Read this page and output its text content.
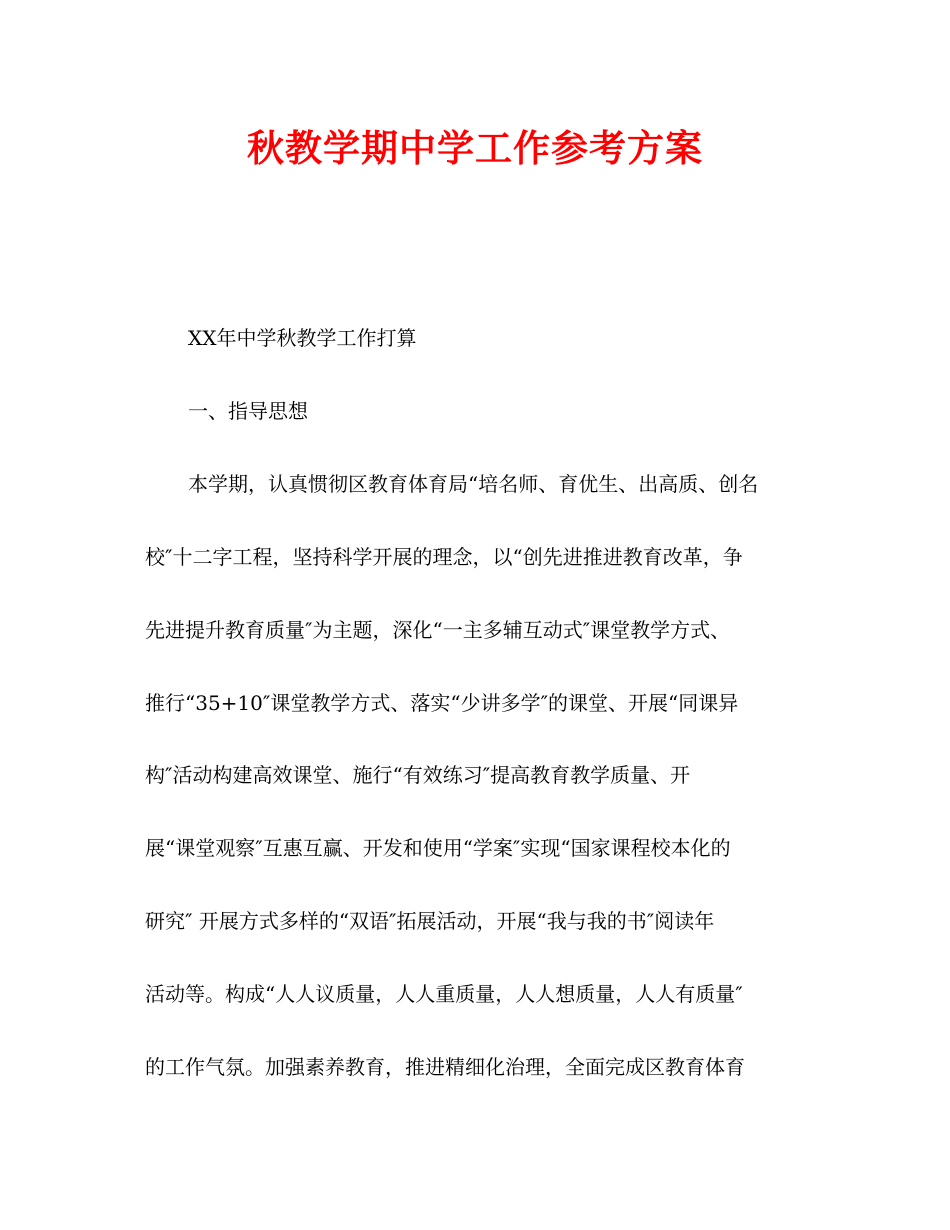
秋教学期中学工作参考方案
XX年中学秋教学工作打算
一、指导思想
本学期，认真惯彻区教育体育局“培名师、育优生、出高质、创名
校″十二字工程，坚持科学开展的理念，以“创先进推进教育改革，争
先进提升教育质量″为主题，深化“一主多辅互动式″课堂教学方式、
推行“35+10″课堂教学方式、落实“少讲多学″的课堂、开展“同课异
构″活动构建高效课堂、施行“有效练习″提高教育教学质量、开
展“课堂观察″互惠互赢、开发和使用“学案″实现“国家课程校本化的
研究″ 开展方式多样的“双语″拓展活动，开展“我与我的书″阅读年
活动等。构成“人人议质量，人人重质量，人人想质量，人人有质量″
的工作气氛。加强素养教育，推进精细化治理，全面完成区教育体育
